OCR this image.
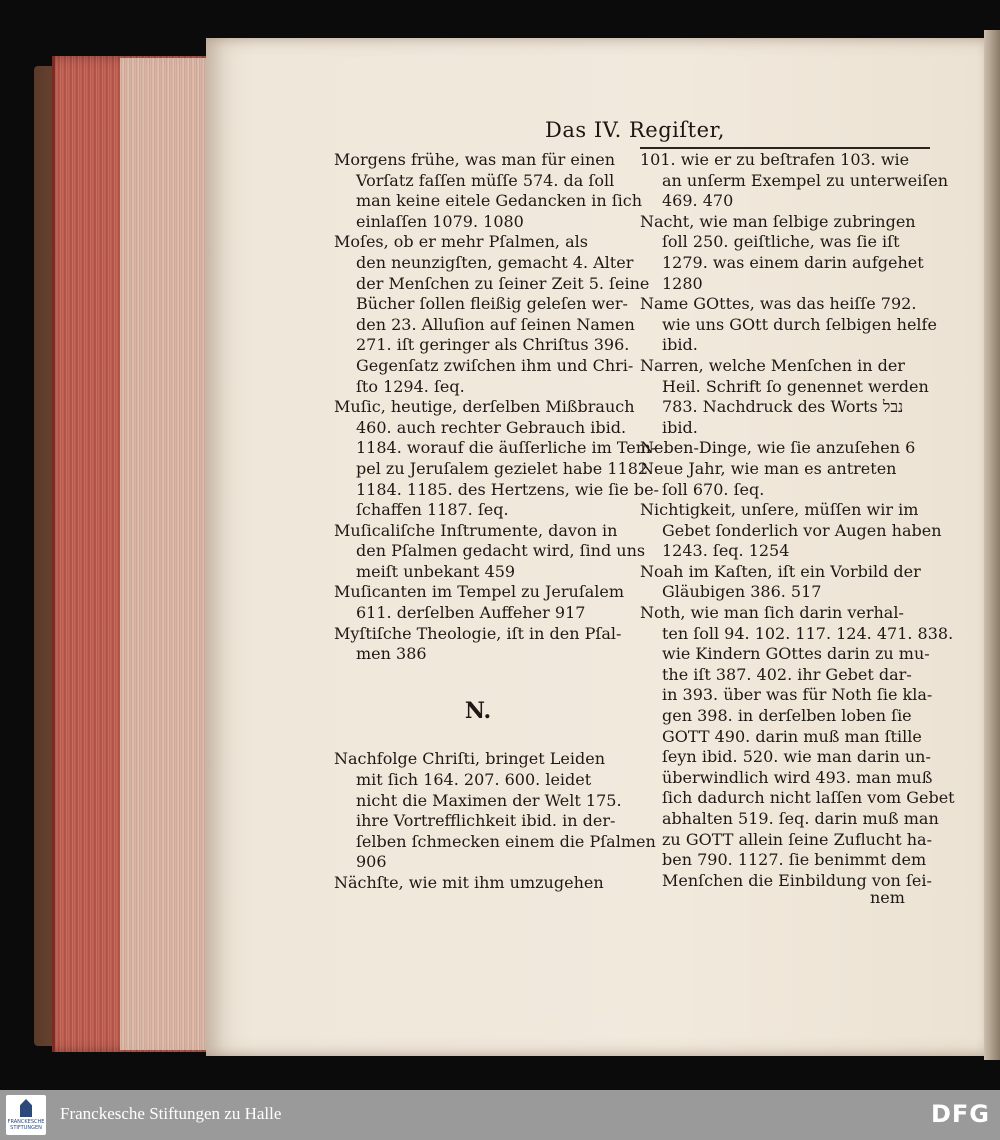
Das IV. Regiſter,
Morgens frühe, was man für einen
Vorſatz faſſen müſſe 574. da ſoll
man keine eitele Gedancken in ſich
einlaſſen 1079. 1080
Moſes, ob er mehr Pſalmen, als
den neunzigſten, gemacht 4. Alter
der Menſchen zu ſeiner Zeit 5. ſeine
Bücher ſollen fleißig geleſen wer-
den 23. Alluſion auf ſeinen Namen
271. iſt geringer als Chriſtus 396.
Gegenſatz zwiſchen ihm und Chri-
ſto 1294. ſeq.
Muſic, heutige, derſelben Mißbrauch
460. auch rechter Gebrauch ibid.
1184. worauf die äuſſerliche im Tem-
pel zu Jeruſalem gezielet habe 1182.
1184. 1185. des Hertzens, wie ſie be-
ſchaffen 1187. ſeq.
Muſicaliſche Inſtrumente, davon in
den Pſalmen gedacht wird, ſind uns
meiſt unbekant 459
Muſicanten im Tempel zu Jeruſalem
611. derſelben Auffeher 917
Myſtiſche Theologie, iſt in den Pſal-
men 386
N.
Nachfolge Chriſti, bringet Leiden
mit ſich 164. 207. 600. leidet
nicht die Maximen der Welt 175.
ihre Vortrefflichkeit ibid. in der-
ſelben ſchmecken einem die Pſalmen
906
Nächſte, wie mit ihm umzugehen
101. wie er zu beſtrafen 103. wie
an unſerm Exempel zu unterweiſen
469. 470
Nacht, wie man ſelbige zubringen
ſoll 250. geiſtliche, was ſie iſt
1279. was einem darin aufgehet
1280
Name GOttes, was das heiſſe 792.
wie uns GOtt durch ſelbigen helfe
ibid.
Narren, welche Menſchen in der
Heil. Schrift ſo genennet werden
783. Nachdruck des Worts נבל
ibid.
Neben-Dinge, wie ſie anzuſehen 6
Neue Jahr, wie man es antreten
ſoll 670. ſeq.
Nichtigkeit, unſere, müſſen wir im
Gebet ſonderlich vor Augen haben
1243. ſeq. 1254
Noah im Kaſten, iſt ein Vorbild der
Gläubigen 386. 517
Noth, wie man ſich darin verhal-
ten ſoll 94. 102. 117. 124. 471. 838.
wie Kindern GOttes darin zu mu-
the iſt 387. 402. ihr Gebet dar-
in 393. über was für Noth ſie kla-
gen 398. in derſelben loben ſie
GOTT 490. darin muß man ſtille
ſeyn ibid. 520. wie man darin un-
überwindlich wird 493. man muß
ſich dadurch nicht laſſen vom Gebet
abhalten 519. ſeq. darin muß man
zu GOTT allein ſeine Zuflucht ha-
ben 790. 1127. ſie benimmt dem
Menſchen die Einbildung von ſei-
nem
FRANCKESCHE STIFTUNGEN
Franckesche Stiftungen zu Halle	DFG
